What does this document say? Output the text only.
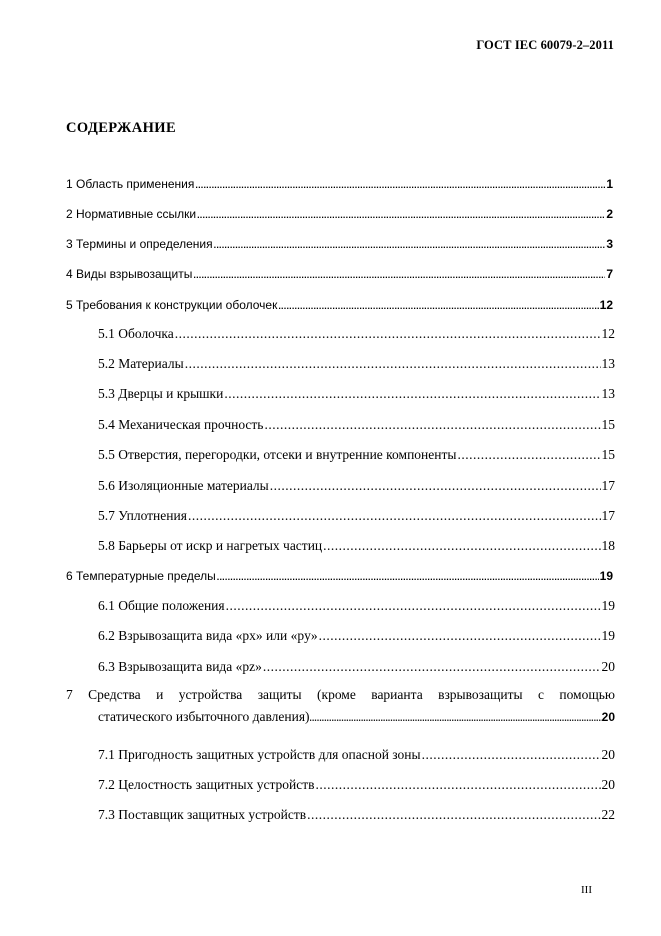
ГОСТ IEC 60079-2–2011
СОДЕРЖАНИЕ
1 Область применения .....	1
2 Нормативные ссылки .....	2
3 Термины и определения .....	3
4 Виды взрывозащиты .....	7
5 Требования к конструкции оболочек .....	12
5.1 Оболочка .....	12
5.2 Материалы .....	13
5.3 Дверцы и крышки .....	13
5.4 Механическая прочность .....	15
5.5 Отверстия, перегородки, отсеки и внутренние компоненты .....	15
5.6 Изоляционные материалы .....	17
5.7 Уплотнения .....	17
5.8 Барьеры от искр и нагретых частиц .....	18
6 Температурные пределы .....	19
6.1 Общие положения .....	19
6.2 Взрывозащита вида «px» или «py» .....	19
6.3 Взрывозащита вида «pz» .....	20
7 Средства и устройства защиты (кроме варианта взрывозащиты с помощью
статического избыточного давления) .....	20
7.1 Пригодность защитных устройств для опасной зоны .....	20
7.2 Целостность защитных устройств .....	20
7.3 Поставщик защитных устройств .....	22
III
